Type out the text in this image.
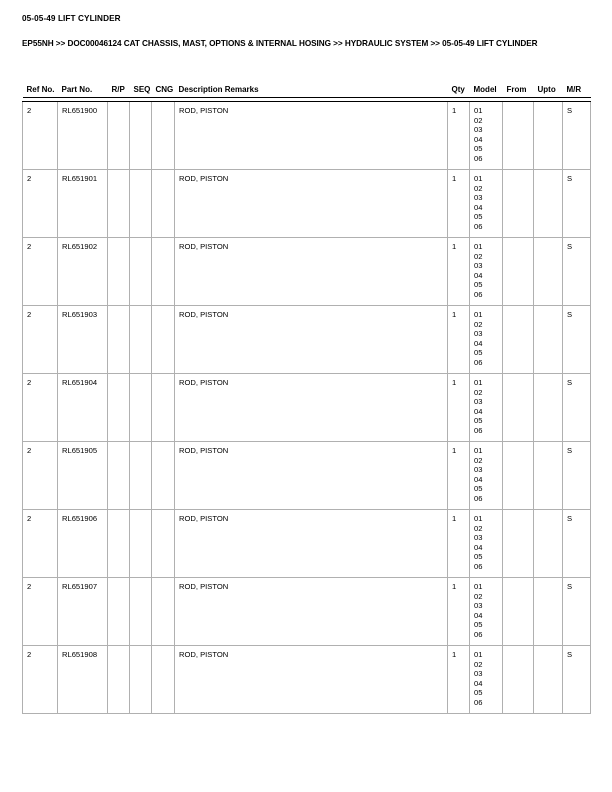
05-05-49 LIFT CYLINDER
EP55NH >> DOC00046124 CAT CHASSIS, MAST, OPTIONS & INTERNAL HOSING >> HYDRAULIC SYSTEM >> 05-05-49 LIFT CYLINDER
Ref No.	Part No.	R/P	SEQ	CNG	Description Remarks	Qty	Model	From	Upto	M/R

2	RL651900				ROD, PISTON	1	01
02
03
04
05
06
			S
2	RL651901				ROD, PISTON	1	01
02
03
04
05
06
			S
2	RL651902				ROD, PISTON	1	01
02
03
04
05
06
			S
2	RL651903				ROD, PISTON	1	01
02
03
04
05
06
			S
2	RL651904				ROD, PISTON	1	01
02
03
04
05
06
			S
2	RL651905				ROD, PISTON	1	01
02
03
04
05
06
			S
2	RL651906				ROD, PISTON	1	01
02
03
04
05
06
			S
2	RL651907				ROD, PISTON	1	01
02
03
04
05
06
			S
2	RL651908				ROD, PISTON	1	01
02
03
04
05
06
			S
